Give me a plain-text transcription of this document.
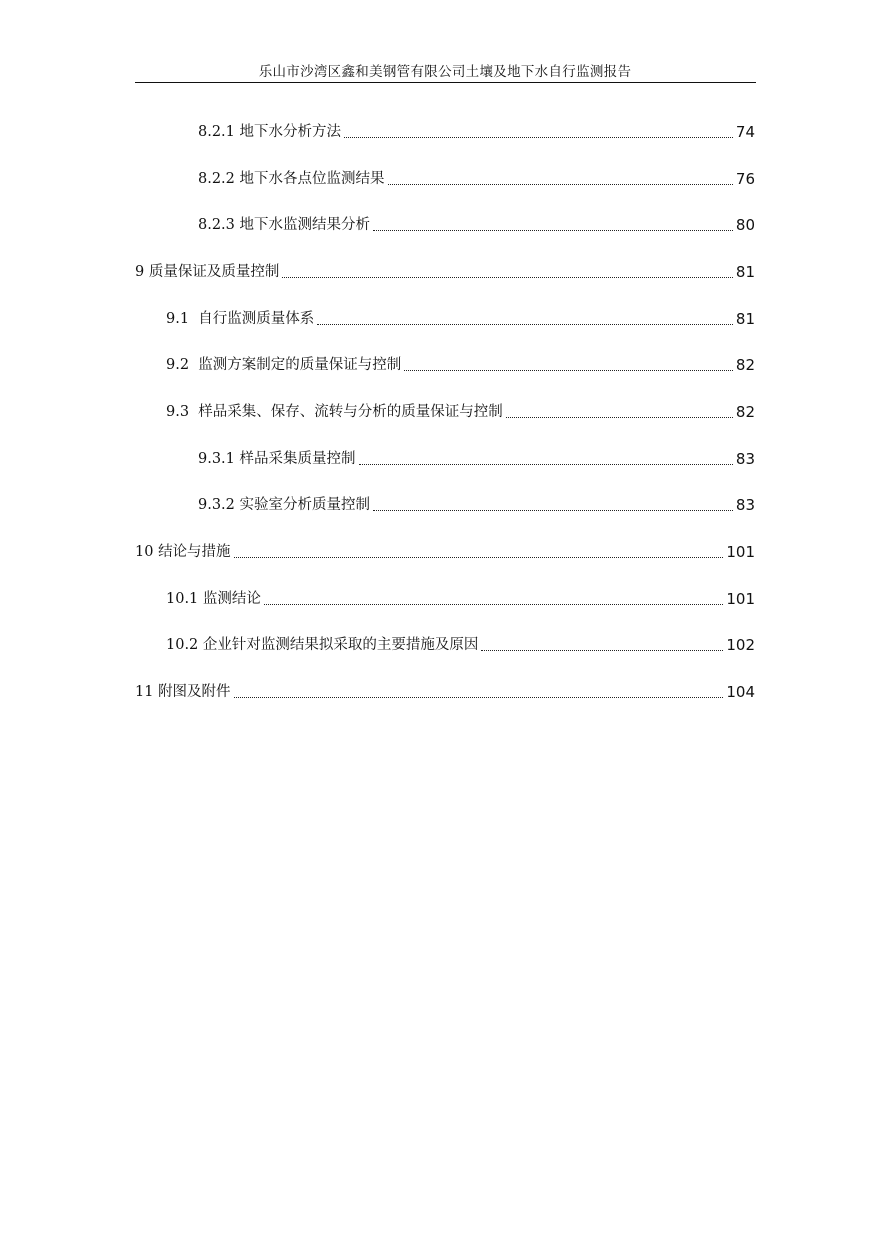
乐山市沙湾区鑫和美钢管有限公司土壤及地下水自行监测报告
8.2.1 地下水分析方法	74
8.2.2 地下水各点位监测结果	76
8.2.3 地下水监测结果分析	80
9 质量保证及质量控制	81
9.1 自行监测质量体系	81
9.2 监测方案制定的质量保证与控制	82
9.3 样品采集、保存、流转与分析的质量保证与控制	82
9.3.1 样品采集质量控制	83
9.3.2 实验室分析质量控制	83
10 结论与措施	101
10.1 监测结论	101
10.2 企业针对监测结果拟采取的主要措施及原因	102
11 附图及附件	104
